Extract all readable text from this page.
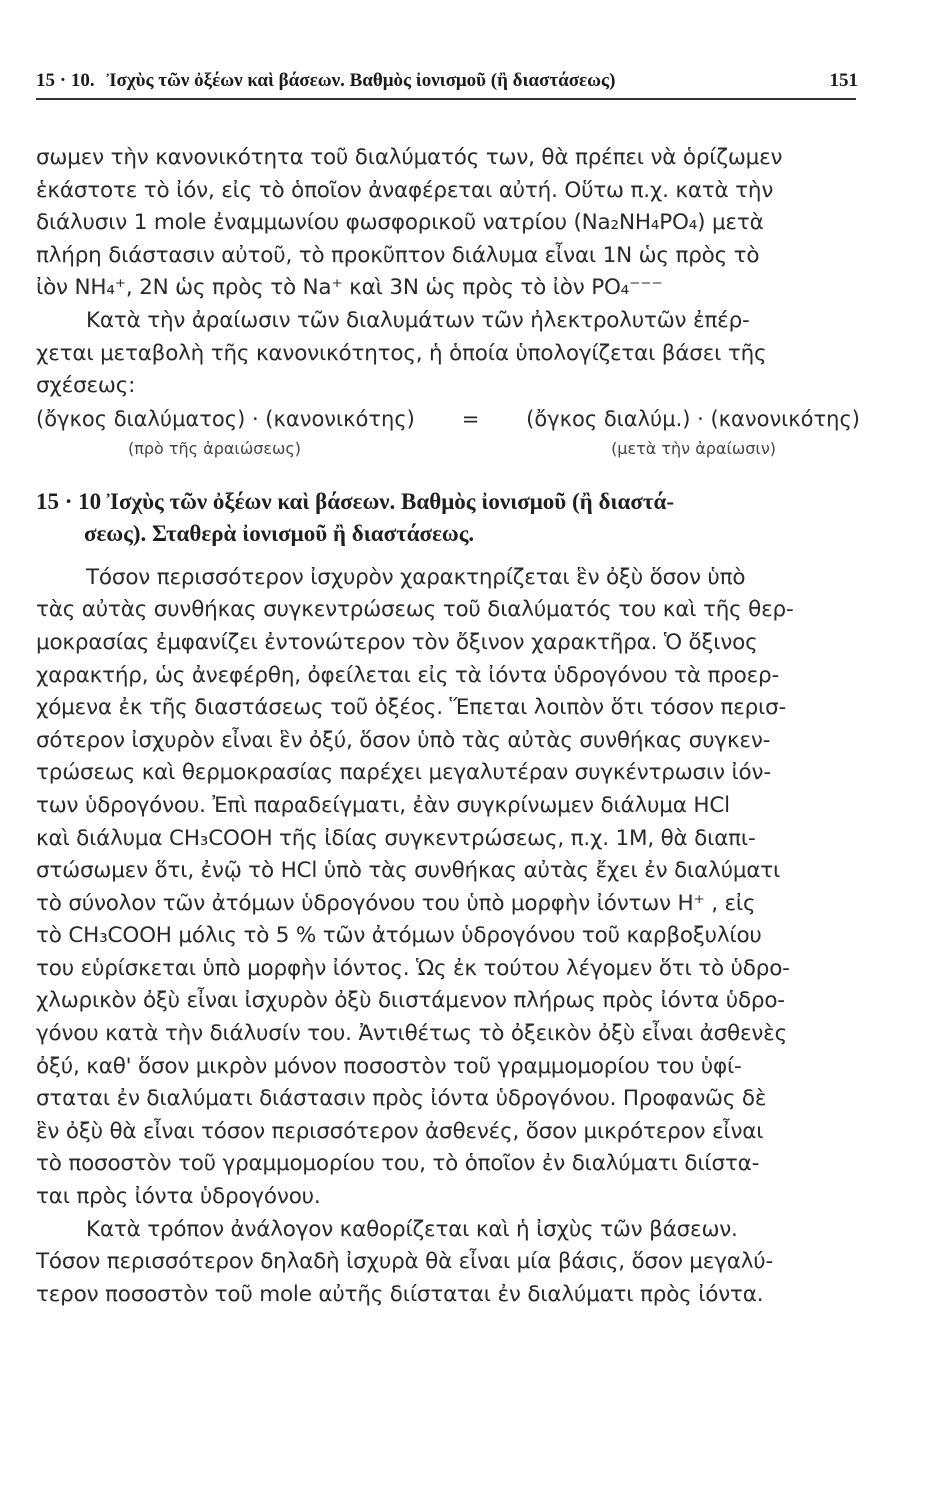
15 · 10. Ἰσχὺς τῶν ὀξέων καὶ βάσεων. Βαθμὸς ἰονισμοῦ (ἢ διαστάσεως)	151

σωμεν τὴν κανονικότητα τοῦ διαλύματός των, θὰ πρέπει νὰ ὁρίζωμεν
ἑκάστοτε τὸ ἰόν, εἰς τὸ ὁποῖον ἀναφέρεται αὐτή. Οὕτω π.χ. κατὰ τὴν
διάλυσιν 1 mole ἐναμμωνίου φωσφορικοῦ νατρίου (Na₂NH₄PO₄) μετὰ
πλήρη διάστασιν αὐτοῦ, τὸ προκῦπτον διάλυμα εἶναι 1N ὡς πρὸς τὸ
ἰὸν NH₄⁺, 2N ὡς πρὸς τὸ Na⁺ καὶ 3N ὡς πρὸς τὸ ἰὸν PO₄⁻⁻⁻

Κατὰ τὴν ἀραίωσιν τῶν διαλυμάτων τῶν ἠλεκτρολυτῶν ἐπέρ-
χεται μεταβολὴ τῆς κανονικότητος, ἡ ὁποία ὑπολογίζεται βάσει τῆς
σχέσεως:

(ὄγκος διαλύματος) · (κανονικότης) = (ὄγκος διαλύμ.) · (κανονικότης)
(πρὸ τῆς ἀραιώσεως)	(μετὰ τὴν ἀραίωσιν)
15 · 10 Ἰσχὺς τῶν ὀξέων καὶ βάσεων. Βαθμὸς ἰονισμοῦ (ἢ διαστά-
σεως). Σταθερὰ ἰονισμοῦ ἢ διαστάσεως.

Τόσον περισσότερον ἰσχυρὸν χαρακτηρίζεται ἓν ὀξὺ ὅσον ὑπὸ
τὰς αὐτὰς συνθήκας συγκεντρώσεως τοῦ διαλύματός του καὶ τῆς θερ-
μοκρασίας ἐμφανίζει ἐντονώτερον τὸν ὄξινον χαρακτῆρα. Ὁ ὄξινος
χαρακτήρ, ὡς ἀνεφέρθη, ὀφείλεται εἰς τὰ ἰόντα ὑδρογόνου τὰ προερ-
χόμενα ἐκ τῆς διαστάσεως τοῦ ὀξέος. Ἕπεται λοιπὸν ὅτι τόσον περισ-
σότερον ἰσχυρὸν εἶναι ἓν ὀξύ, ὅσον ὑπὸ τὰς αὐτὰς συνθήκας συγκεν-
τρώσεως καὶ θερμοκρασίας παρέχει μεγαλυτέραν συγκέντρωσιν ἰόν-
των ὑδρογόνου. Ἐπὶ παραδείγματι, ἐὰν συγκρίνωμεν διάλυμα HCl
καὶ διάλυμα CH₃COOH τῆς ἰδίας συγκεντρώσεως, π.χ. 1M, θὰ διαπι-
στώσωμεν ὅτι, ἐνῷ τὸ HCl ὑπὸ τὰς συνθήκας αὐτὰς ἔχει ἐν διαλύματι
τὸ σύνολον τῶν ἀτόμων ὑδρογόνου του ὑπὸ μορφὴν ἰόντων H⁺ , εἰς
τὸ CH₃COOH μόλις τὸ 5 % τῶν ἀτόμων ὑδρογόνου τοῦ καρβοξυλίου
του εὑρίσκεται ὑπὸ μορφὴν ἰόντος. Ὡς ἐκ τούτου λέγομεν ὅτι τὸ ὑδρο-
χλωρικὸν ὀξὺ εἶναι ἰσχυρὸν ὀξὺ διιστάμενον πλήρως πρὸς ἰόντα ὑδρο-
γόνου κατὰ τὴν διάλυσίν του. Ἀντιθέτως τὸ ὀξεικὸν ὀξὺ εἶναι ἀσθενὲς
ὀξύ, καθ' ὅσον μικρὸν μόνον ποσοστὸν τοῦ γραμμομορίου του ὑφί-
σταται ἐν διαλύματι διάστασιν πρὸς ἰόντα ὑδρογόνου. Προφανῶς δὲ
ἓν ὀξὺ θὰ εἶναι τόσον περισσότερον ἀσθενές, ὅσον μικρότερον εἶναι
τὸ ποσοστὸν τοῦ γραμμομορίου του, τὸ ὁποῖον ἐν διαλύματι διίστα-
ται πρὸς ἰόντα ὑδρογόνου.

Κατὰ τρόπον ἀνάλογον καθορίζεται καὶ ἡ ἰσχὺς τῶν βάσεων.
Τόσον περισσότερον δηλαδὴ ἰσχυρὰ θὰ εἶναι μία βάσις, ὅσον μεγαλύ-
τερον ποσοστὸν τοῦ mole αὐτῆς διίσταται ἐν διαλύματι πρὸς ἰόντα.
